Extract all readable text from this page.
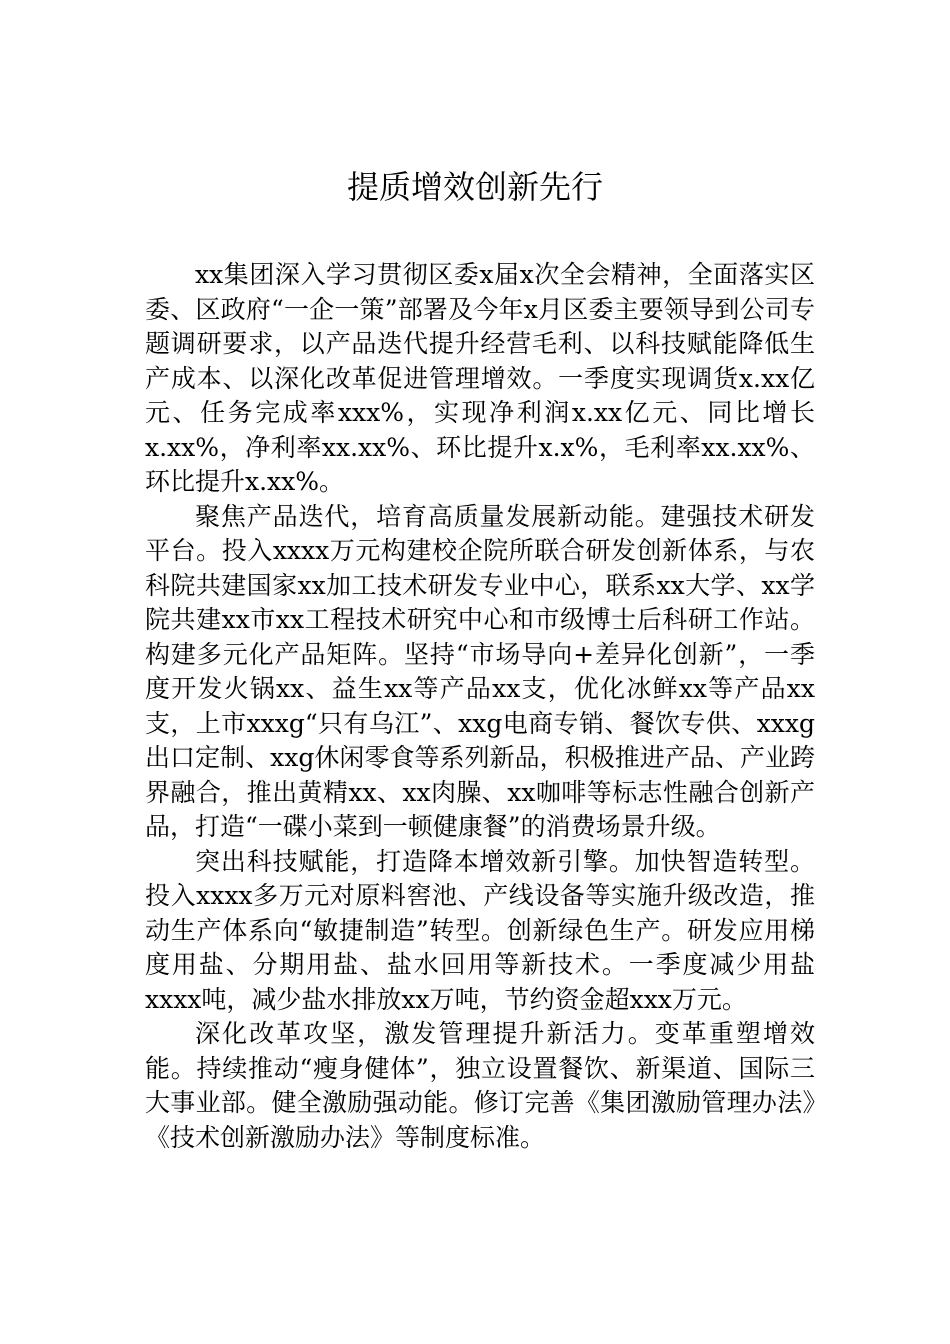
提质增效创新先行

xx集团深入学习贯彻区委x届x次全会精神，全面落实区委、区政府“一企一策”部署及今年x月区委主要领导到公司专题调研要求，以产品迭代提升经营毛利、以科技赋能降低生产成本、以深化改革促进管理增效。一季度实现调货x.xx亿元、任务完成率xxx%，实现净利润x.xx亿元、同比增长x.xx%，净利率xx.xx%、环比提升x.x%，毛利率xx.xx%、环比提升x.xx%。

聚焦产品迭代，培育高质量发展新动能。建强技术研发平台。投入xxxx万元构建校企院所联合研发创新体系，与农科院共建国家xx加工技术研发专业中心，联系xx大学、xx学院共建xx市xx工程技术研究中心和市级博士后科研工作站。构建多元化产品矩阵。坚持“市场导向+差异化创新”，一季度开发火锅xx、益生xx等产品xx支，优化冰鲜xx等产品xx支，上市xxxg“只有乌江”、xxg电商专销、餐饮专供、xxxg出口定制、xxg休闲零食等系列新品，积极推进产品、产业跨界融合，推出黄精xx、xx肉臊、xx咖啡等标志性融合创新产品，打造“一碟小菜到一顿健康餐”的消费场景升级。

突出科技赋能，打造降本增效新引擎。加快智造转型。投入xxxx多万元对原料窖池、产线设备等实施升级改造，推动生产体系向“敏捷制造”转型。创新绿色生产。研发应用梯度用盐、分期用盐、盐水回用等新技术。一季度减少用盐xxxx吨，减少盐水排放xx万吨，节约资金超xxx万元。

深化改革攻坚，激发管理提升新活力。变革重塑增效能。持续推动“瘦身健体”，独立设置餐饮、新渠道、国际三大事业部。健全激励强动能。修订完善《集团激励管理办法》《技术创新激励办法》等制度标准。
